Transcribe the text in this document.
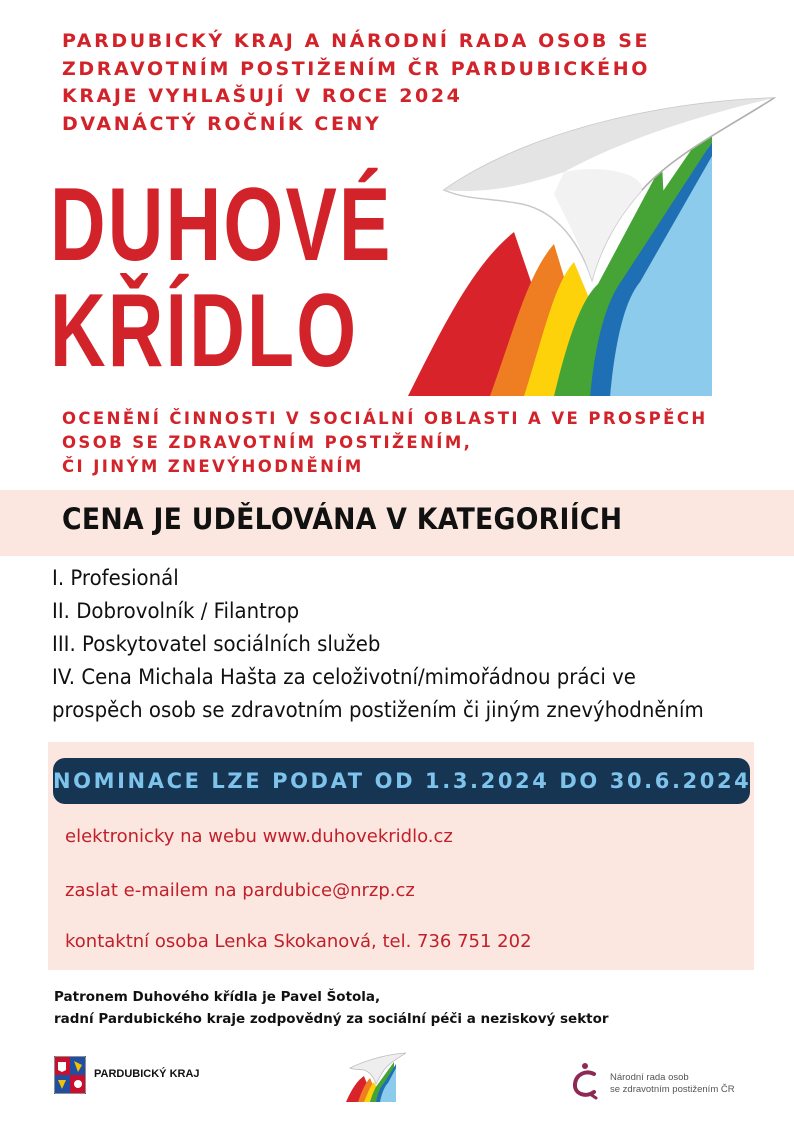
PARDUBICKÝ KRAJ A NÁRODNÍ RADA OSOB SE
ZDRAVOTNÍM POSTIŽENÍM ČR PARDUBICKÉHO
KRAJE VYHLAŠUJÍ V ROCE 2024
DVANÁCTÝ ROČNÍK CENY
DUHOVÉ
KŘÍDLO
OCENĚNÍ ČINNOSTI V SOCIÁLNÍ OBLASTI A VE PROSPĚCH
OSOB SE ZDRAVOTNÍM POSTIŽENÍM,
ČI JINÝM ZNEVÝHODNĚNÍM
CENA JE UDĚLOVÁNA V KATEGORIÍCH
I. Profesionál
II. Dobrovolník / Filantrop
III. Poskytovatel sociálních služeb
IV. Cena Michala Hašta za celoživotní/mimořádnou práci ve
prospěch osob se zdravotním postižením či jiným znevýhodněním
NOMINACE LZE PODAT OD 1.3.2024 DO 30.6.2024
elektronicky na webu www.duhovekridlo.cz
zaslat e-mailem na pardubice@nrzp.cz
kontaktní osoba Lenka Skokanová, tel. 736 751 202
Patronem Duhového křídla je Pavel Šotola,
radní Pardubického kraje zodpovědný za sociální péči a neziskový sektor
PARDUBICKÝ KRAJ	Národní rada osob
se zdravotním postižením ČR
